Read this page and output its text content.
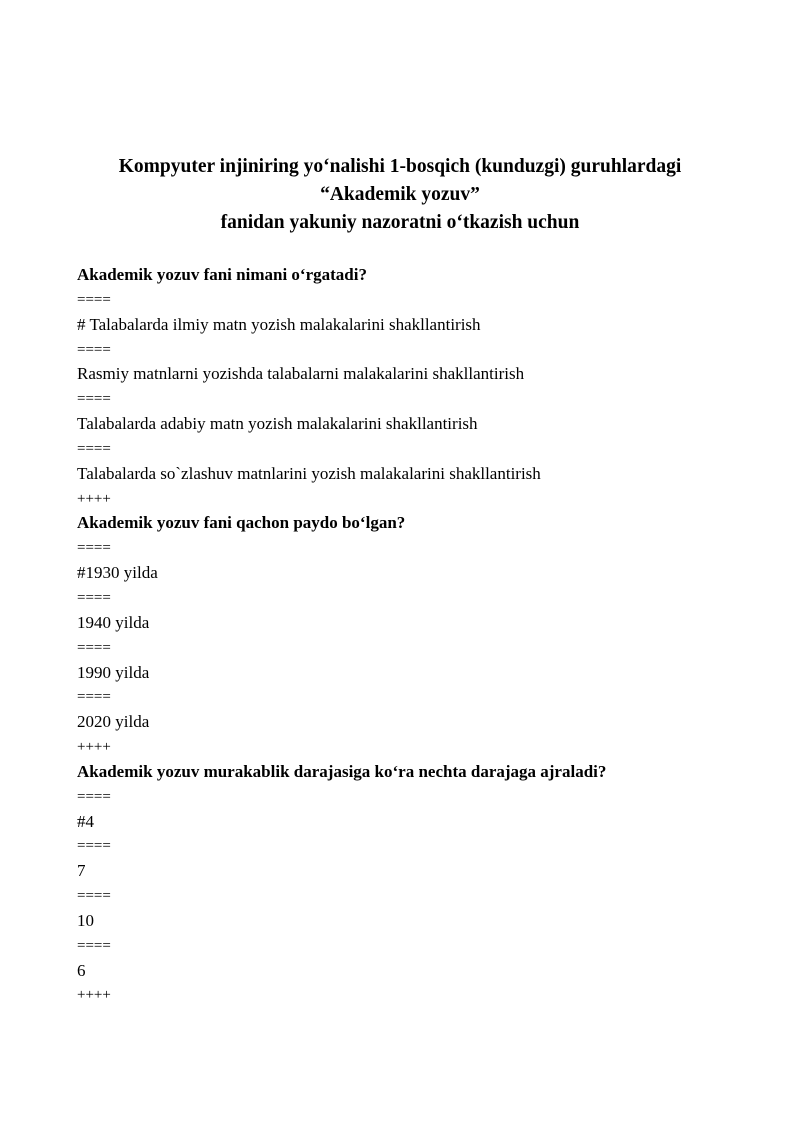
Kompyuter injiniring yo‘nalishi 1-bosqich (kunduzgi) guruhlardagi
“Akademik yozuv”
fanidan yakuniy nazoratni o‘tkazish uchun
Akademik yozuv fani nimani o‘rgatadi?
====
# Talabalarda ilmiy matn yozish malakalarini shakllantirish
====
Rasmiy matnlarni yozishda talabalarni malakalarini shakllantirish
====
Talabalarda adabiy matn yozish malakalarini shakllantirish
====
Talabalarda so`zlashuv matnlarini yozish malakalarini shakllantirish
++++
Akademik yozuv fani qachon paydo bo‘lgan?
====
#1930 yilda
====
1940 yilda
====
1990 yilda
====
2020 yilda
++++
Akademik yozuv murakablik darajasiga ko‘ra nechta darajaga ajraladi?
====
#4
====
7
====
10
====
6
++++
